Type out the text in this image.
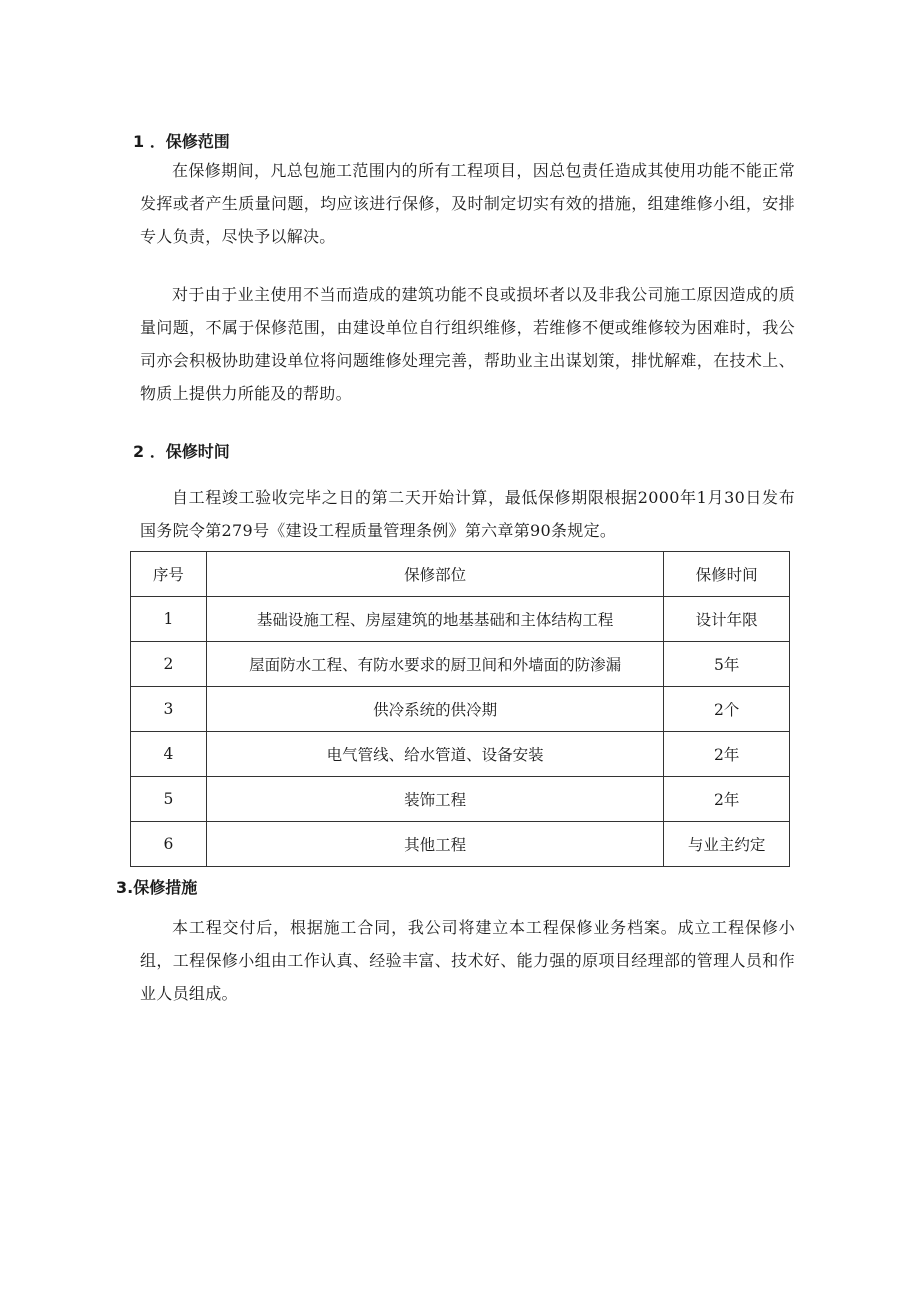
1 ．保修范围

在保修期间，凡总包施工范围内的所有工程项目，因总包责任造成其使用功能不能正常发挥或者产生质量问题，均应该进行保修，及时制定切实有效的措施，组建维修小组，安排专人负责，尽快予以解决。

对于由于业主使用不当而造成的建筑功能不良或损坏者以及非我公司施工原因造成的质量问题，不属于保修范围，由建设单位自行组织维修，若维修不便或维修较为困难时，我公司亦会积极协助建设单位将问题维修处理完善，帮助业主出谋划策，排忧解难，在技术上、物质上提供力所能及的帮助。

2 ．保修时间

自工程竣工验收完毕之日的第二天开始计算，最低保修期限根据2000年1月30日发布国务院令第279号《建设工程质量管理条例》第六章第90条规定。

序号	保修部位	保修时间
1	基础设施工程、房屋建筑的地基基础和主体结构工程	设计年限
2	屋面防水工程、有防水要求的厨卫间和外墙面的防渗漏	5年
3	供冷系统的供冷期	2个
4	电气管线、给水管道、设备安装	2年
5	装饰工程	2年
6	其他工程	与业主约定
3.保修措施

本工程交付后，根据施工合同，我公司将建立本工程保修业务档案。成立工程保修小组，工程保修小组由工作认真、经验丰富、技术好、能力强的原项目经理部的管理人员和作业人员组成。
